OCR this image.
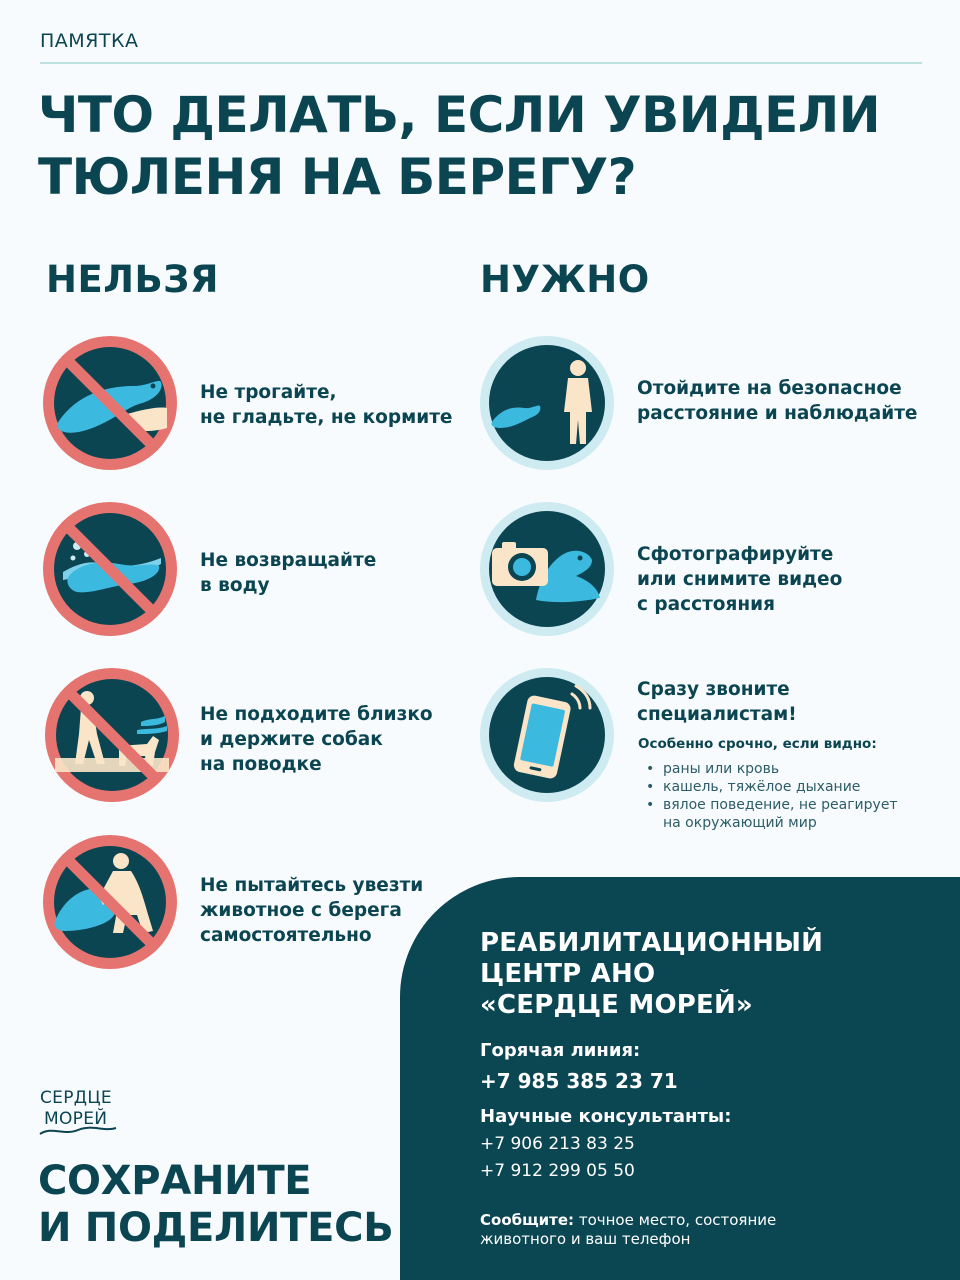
ПАМЯТКА
ЧТО ДЕЛАТЬ, ЕСЛИ УВИДЕЛИ
ТЮЛЕНЯ НА БЕРЕГУ?
НЕЛЬЗЯ	НУЖНО
Не трогайте,
не гладьте, не кормите
Не возвращайте
в воду
Не подходите близко
и держите собак
на поводке
Не пытайтесь увезти
животное с берега
самостоятельно
Отойдите на безопасное
расстояние и наблюдайте
Сфотографируйте
или снимите видео
с расстояния
Сразу звоните
специалистам!
Особенно срочно, если видно:
• раны или кровь
• кашель, тяжёлое дыхание
• вялое поведение, не реагирует
на окружающий мир
РЕАБИЛИТАЦИОННЫЙ
ЦЕНТР АНО
«СЕРДЦЕ МОРЕЙ»
Горячая линия:
+7 985 385 23 71
Научные консультанты:
+7 906 213 83 25
+7 912 299 05 50
Сообщите: точное место, состояние
животного и ваш телефон
СЕРДЦЕ
МОРЕЙ
СОХРАНИТЕ
И ПОДЕЛИТЕСЬ
